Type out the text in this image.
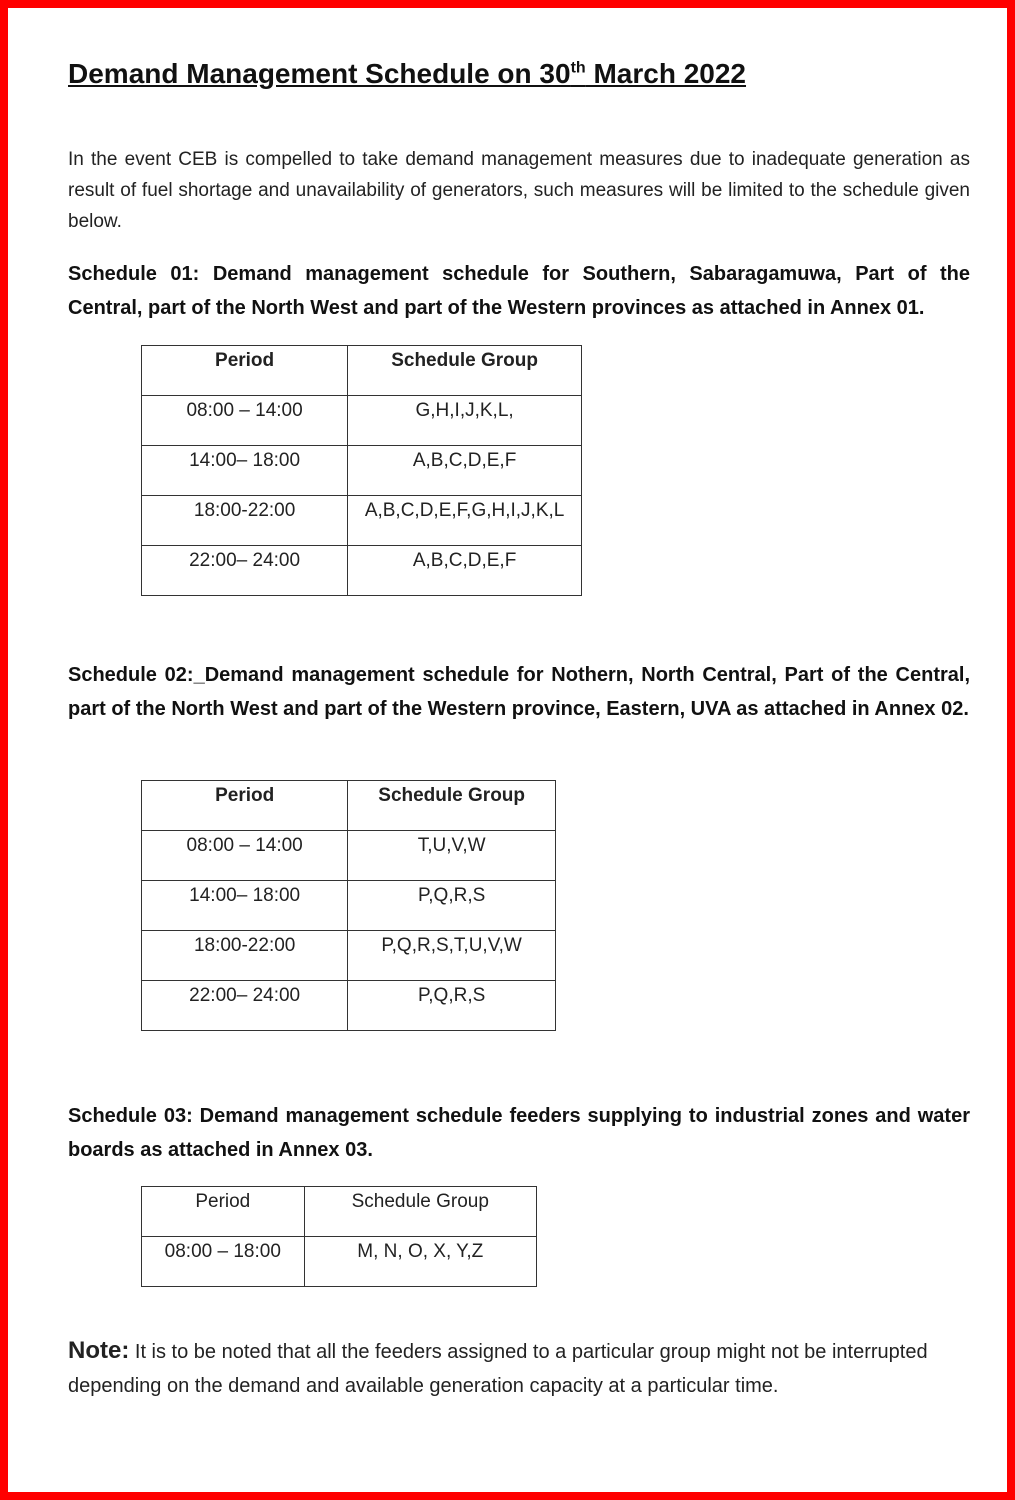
Demand Management Schedule on 30th March 2022
In the event CEB is compelled to take demand management measures due to inadequate generation as result of fuel shortage and unavailability of generators, such measures will be limited to the schedule given below.
Schedule 01: Demand management schedule for Southern, Sabaragamuwa, Part of the Central, part of the North West and part of the Western provinces as attached in Annex 01.
Period	Schedule Group
08:00 – 14:00	G,H,I,J,K,L,
14:00– 18:00	A,B,C,D,E,F
18:00-22:00	A,B,C,D,E,F,G,H,I,J,K,L
22:00– 24:00	A,B,C,D,E,F
Schedule 02:_Demand management schedule for Nothern, North Central, Part of the Central, part of the North West and part of the Western province, Eastern, UVA as attached in Annex 02.
Period	Schedule Group
08:00 – 14:00	T,U,V,W
14:00– 18:00	P,Q,R,S
18:00-22:00	P,Q,R,S,T,U,V,W
22:00– 24:00	P,Q,R,S
Schedule 03: Demand management schedule feeders supplying to industrial zones and water boards as attached in Annex 03.
Period	Schedule Group
08:00 – 18:00	M, N, O, X, Y,Z
Note: It is to be noted that all the feeders assigned to a particular group might not be interrupted depending on the demand and available generation capacity at a particular time.
